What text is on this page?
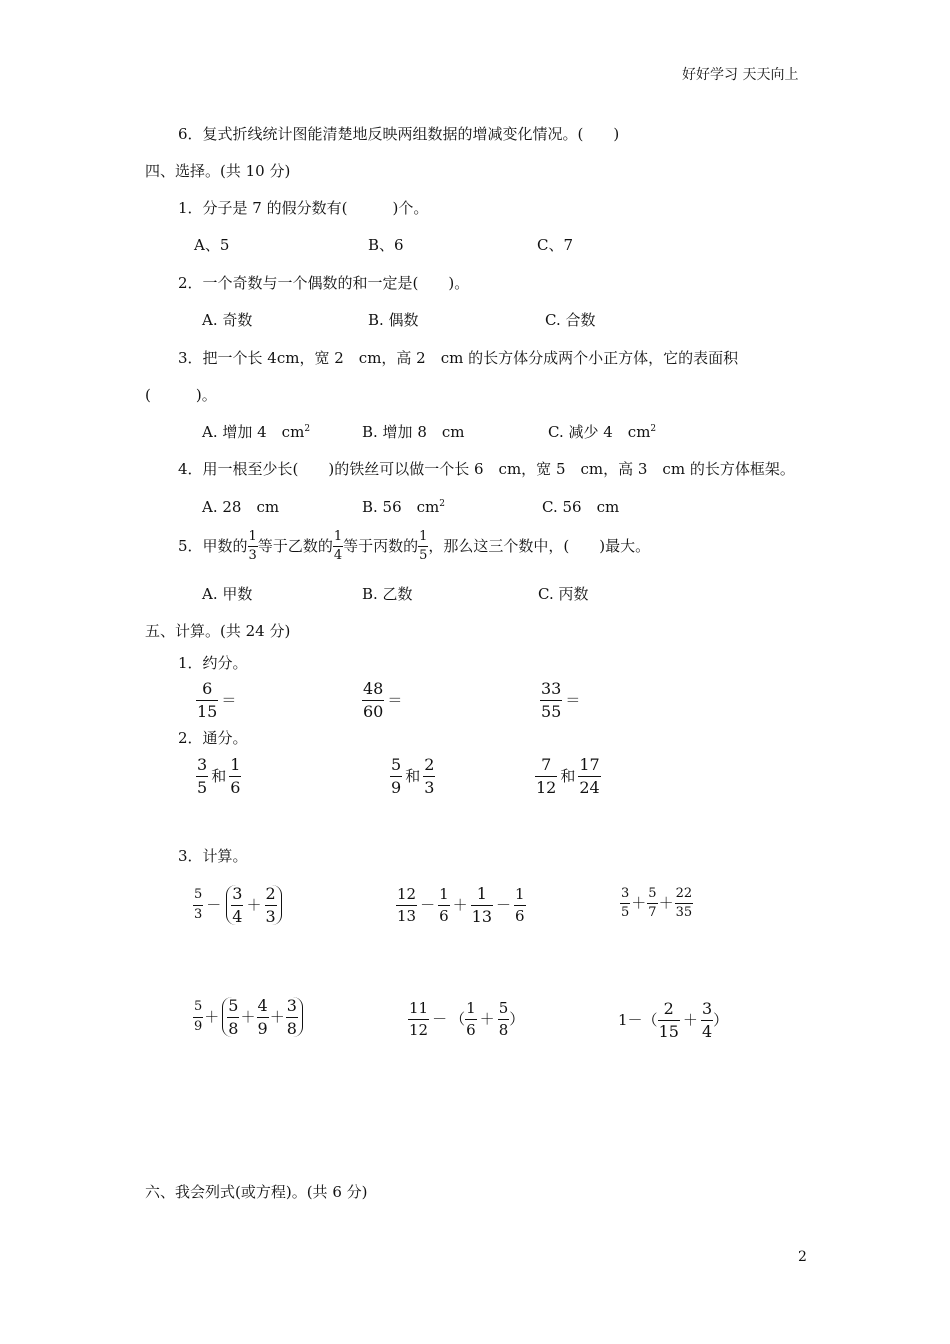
好好学习 天天向上
6．复式折线统计图能清楚地反映两组数据的增减变化情况。(　　)
四、选择。(共 10 分)
1．分子是 7 的假分数有(　　　)个。
A、5	B、6	C、7
2．一个奇数与一个偶数的和一定是(　　)。
A. 奇数	B. 偶数	C. 合数
3．把一个长 4cm，宽 2　cm，高 2　cm 的长方体分成两个小正方体，它的表面积
(　　　)。
A. 增加 4　$cm^2$	B. 增加 8　cm	C. 减少 4　$cm^2$
4．用一根至少长(　　)的铁丝可以做一个长 6　cm，宽 5　cm，高 3　cm 的长方体框架。
A. 28　cm	B. 56　$cm^2$	C. 56　cm
5．甲数的
1
3
等于乙数的
1
4
等于丙数的
1
5
，那么这三个数中，(　　)最大。
A. 甲数	B. 乙数	C. 丙数
五、计算。(共 24 分)
1．约分。
6
15
＝
48
60
＝
33
55
＝
2．通分。
3
5
和
1
6
5
9
和
2
3
7
12
和
17
24
3．计算。
5
3
－
3
4
＋
2
3
12
13
－
1
6
＋
1
13
－
1
6
3
5
＋
5
7
＋
22
35
5
9
＋
5
8
＋
4
9
＋
3
8
11
12
－ （
1
6
＋
5
8
）	1－ （
2
15
＋
3
4
）
六、我会列式(或方程)。(共 6 分)
2
